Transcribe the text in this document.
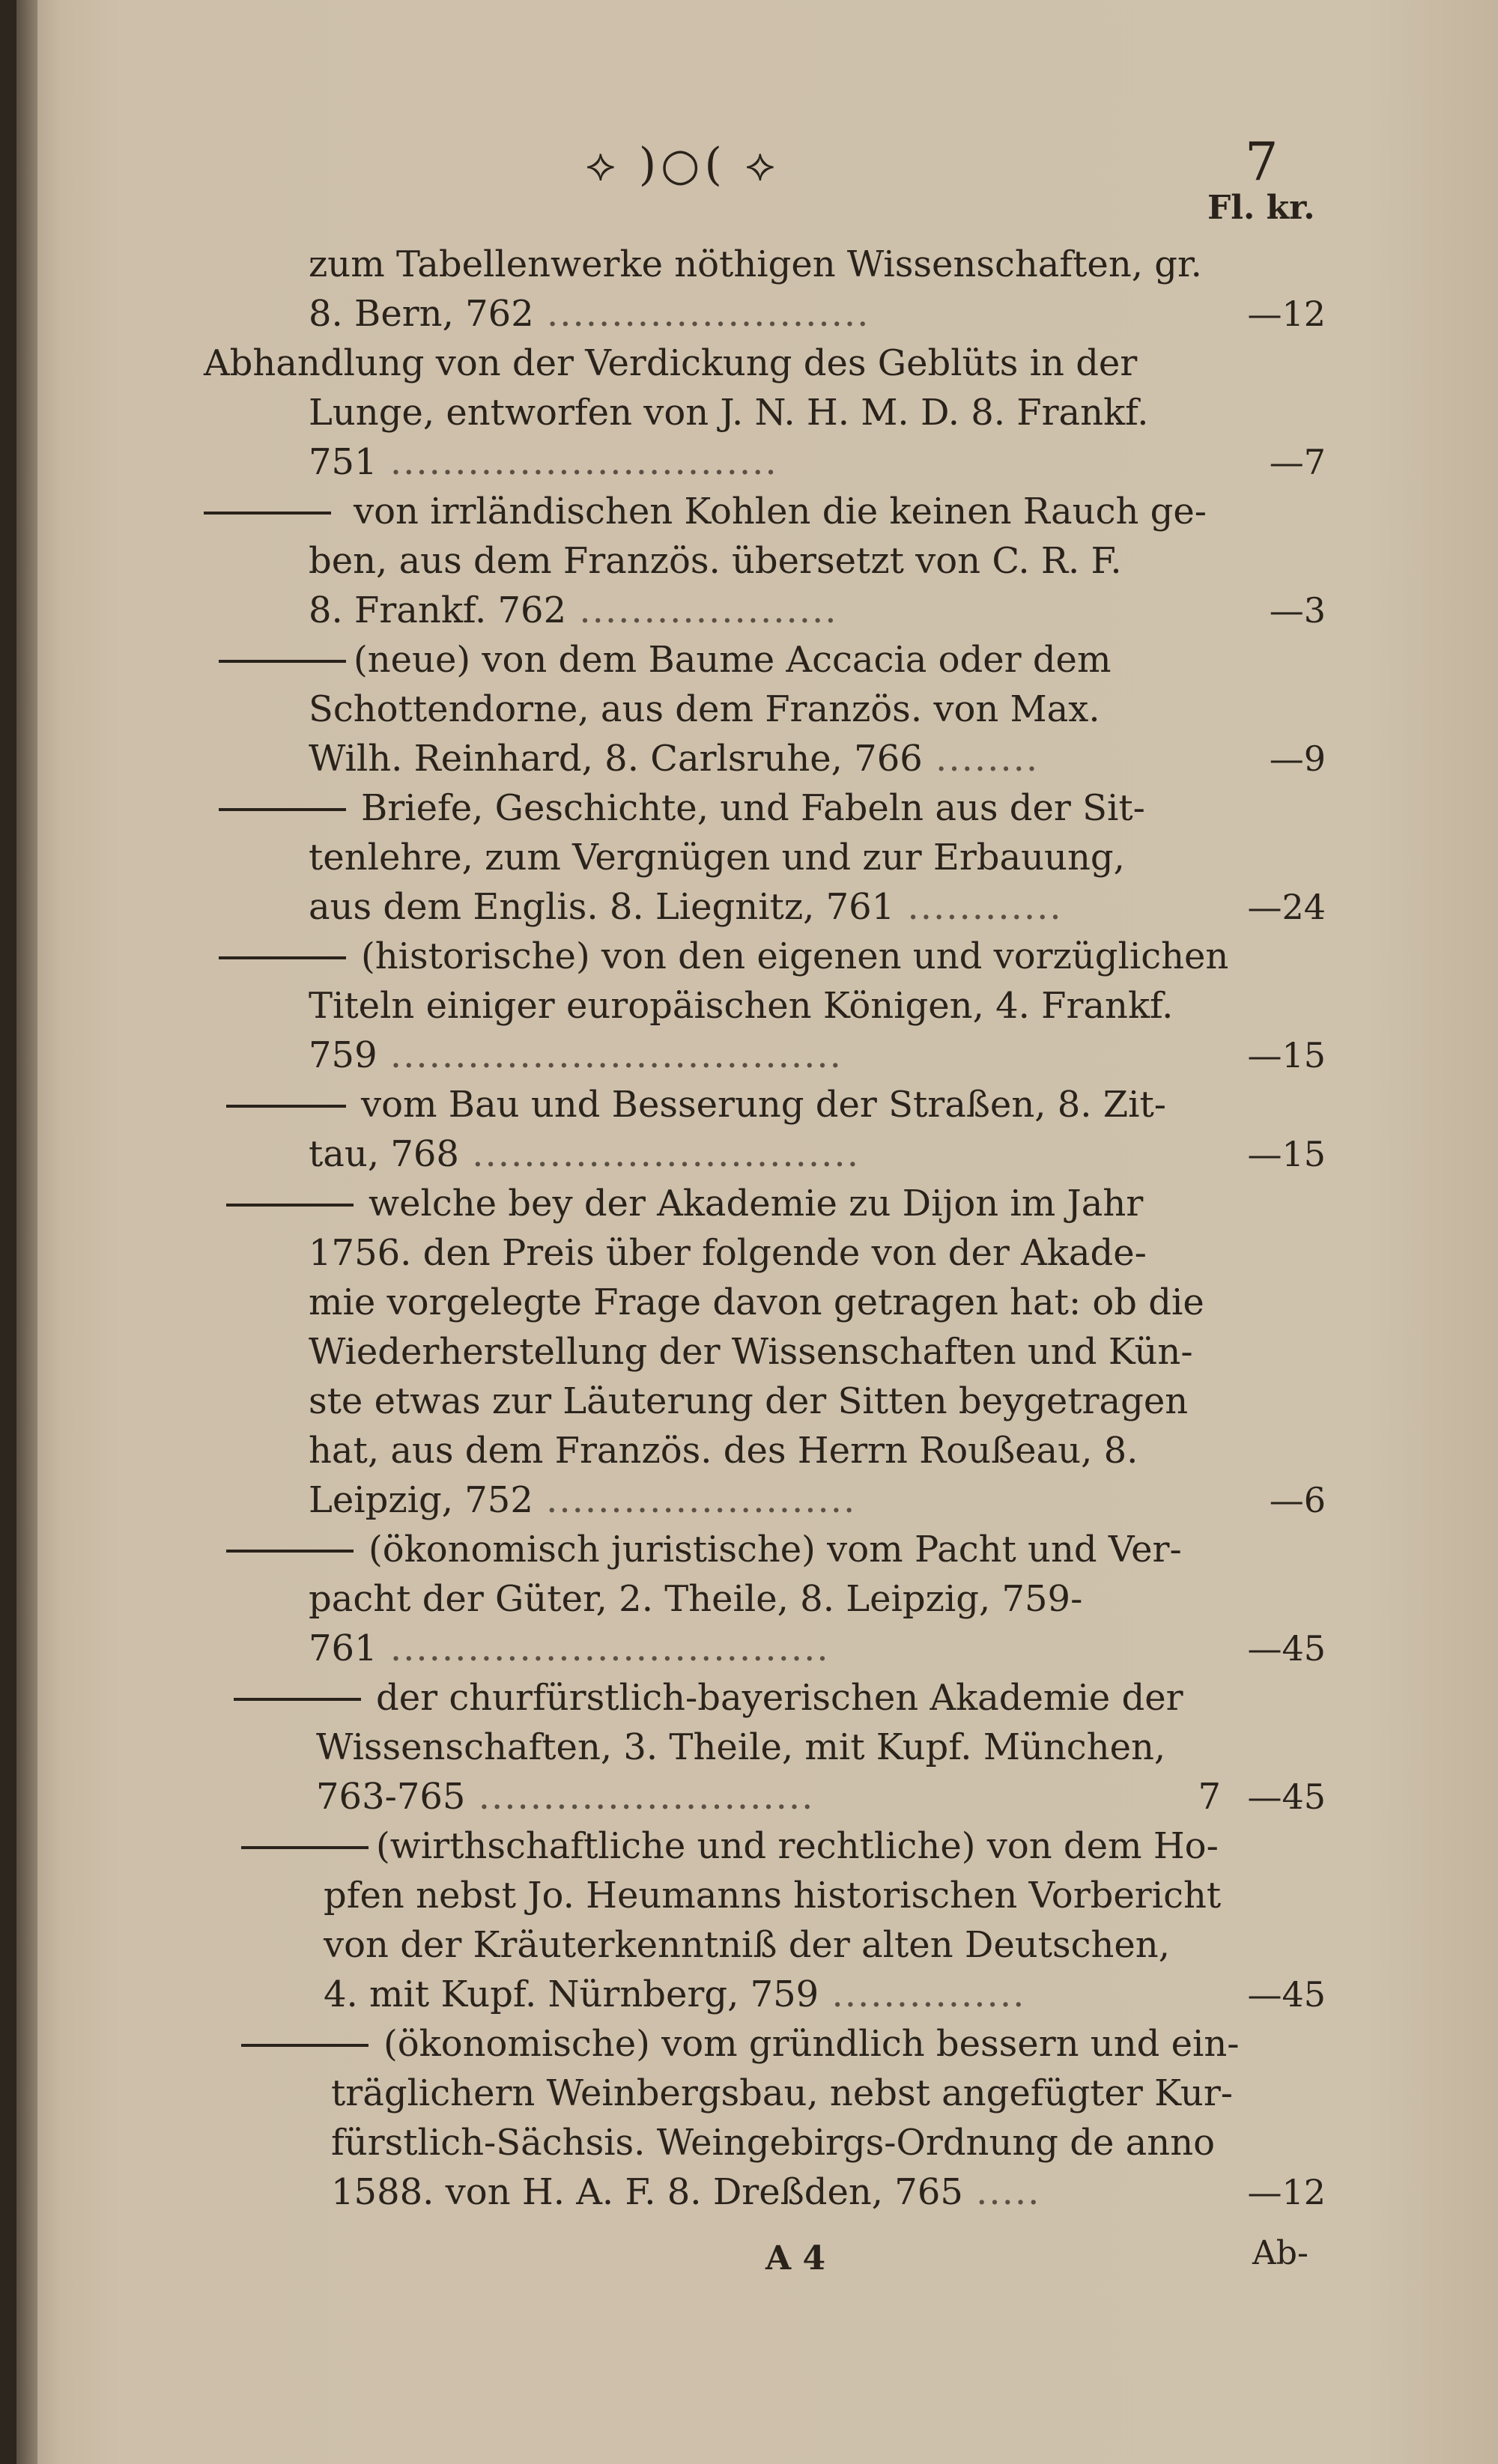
⟡ )○( ⟡	7
Fl. kr.
zum Tabellenwerke nöthigen Wissenschaften, gr.
8. Bern, 762 .........................	— 12
Abhandlung von der Verdickung des Geblüts in der
Lunge, entworfen von J. N. H. M. D. 8. Frankf.
751 ..............................	— 7
von irrländischen Kohlen die keinen Rauch ge-
ben, aus dem Französ. übersetzt von C. R. F.
8. Frankf. 762 ....................	— 3
(neue) von dem Baume Accacia oder dem
Schottendorne, aus dem Französ. von Max.
Wilh. Reinhard, 8. Carlsruhe, 766 ........	— 9
Briefe, Geschichte, und Fabeln aus der Sit-
tenlehre, zum Vergnügen und zur Erbauung,
aus dem Englis. 8. Liegnitz, 761 ............	— 24
(historische) von den eigenen und vorzüglichen
Titeln einiger europäischen Königen, 4. Frankf.
759 ...................................	— 15
vom Bau und Besserung der Straßen, 8. Zit-
tau, 768 ..............................	— 15
welche bey der Akademie zu Dijon im Jahr
1756. den Preis über folgende von der Akade-
mie vorgelegte Frage davon getragen hat: ob die
Wiederherstellung der Wissenschaften und Kün-
ste etwas zur Läuterung der Sitten beygetragen
hat, aus dem Französ. des Herrn Roußeau, 8.
Leipzig, 752 ........................	— 6
(ökonomisch juristische) vom Pacht und Ver-
pacht der Güter, 2. Theile, 8. Leipzig, 759-
761 ..................................	— 45
der churfürstlich-bayerischen Akademie der
Wissenschaften, 3. Theile, mit Kupf. München,
763-765 ..........................	7	— 45
(wirthschaftliche und rechtliche) von dem Ho-
pfen nebst Jo. Heumanns historischen Vorbericht
von der Kräuterkenntniß der alten Deutschen,
4. mit Kupf. Nürnberg, 759 ...............	— 45
(ökonomische) vom gründlich bessern und ein-
träglichern Weinbergsbau, nebst angefügter Kur-
fürstlich-Sächsis. Weingebirgs-Ordnung de anno
1588. von H. A. F. 8. Dreßden, 765 .....	— 12
A 4	Ab-
